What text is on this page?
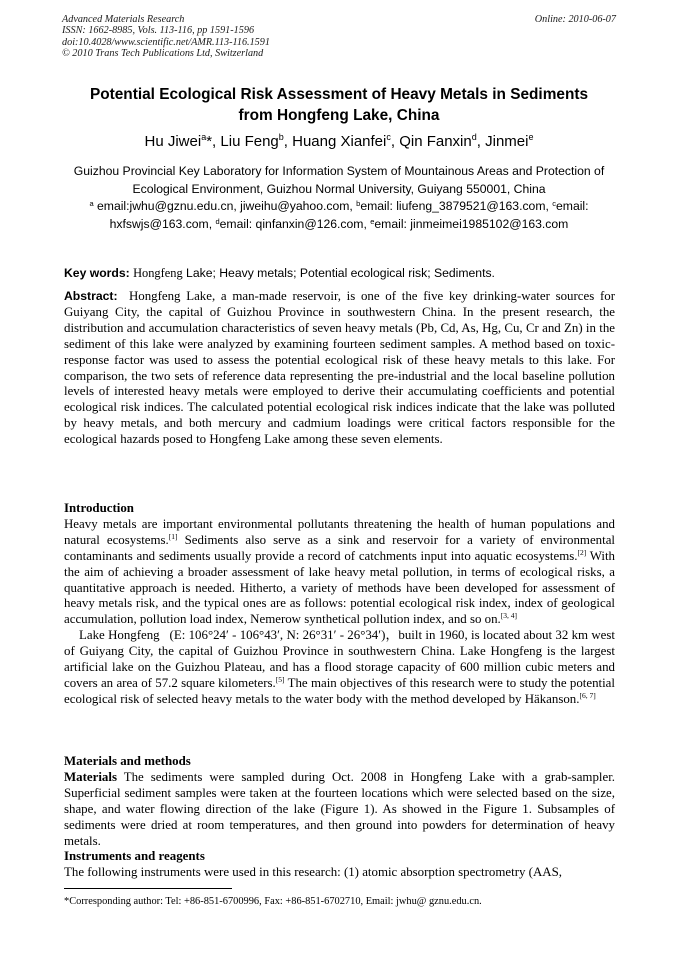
Advanced Materials Research
ISSN: 1662-8985, Vols. 113-116, pp 1591-1596
doi:10.4028/www.scientific.net/AMR.113-116.1591
© 2010 Trans Tech Publications Ltd, Switzerland
Online: 2010-06-07
Potential Ecological Risk Assessment of Heavy Metals in Sediments
from Hongfeng Lake, China
Hu Jiwei$^a$*, Liu Feng$^b$, Huang Xianfei$^c$, Qin Fanxin$^d$, Jinmei$^e$
Guizhou Provincial Key Laboratory for Information System of Mountainous Areas and Protection of
Ecological Environment, Guizhou Normal University, Guiyang 550001, China
$^a$ email:jwhu@gznu.edu.cn, jiweihu@yahoo.com, $^b$email: liufeng_3879521@163.com, $^c$email:
hxfswjs@163.com, $^d$email: qinfanxin@126.com, $^e$email: jinmeimei1985102@163.com
Key words: Hongfeng Lake; Heavy metals; Potential ecological risk; Sediments.

Abstract: Hongfeng Lake, a man-made reservoir, is one of the five key drinking-water sources for Guiyang City, the capital of Guizhou Province in southwestern China. In the present research, the distribution and accumulation characteristics of seven heavy metals (Pb, Cd, As, Hg, Cu, Cr and Zn) in the sediment of this lake were analyzed by examining fourteen sediment samples. A method based on toxic-response factor was used to assess the potential ecological risk of these heavy metals to this lake. For comparison, the two sets of reference data representing the pre-industrial and the local baseline pollution levels of interested heavy metals were employed to derive their accumulating coefficients and potential ecological risk indices. The calculated potential ecological risk indices indicate that the lake was polluted by heavy metals, and both mercury and cadmium loadings were critical factors responsible for the ecological hazards posed to Hongfeng Lake among these seven elements.

Introduction

Heavy metals are important environmental pollutants threatening the health of human populations and natural ecosystems.[1] Sediments also serve as a sink and reservoir for a variety of environmental contaminants and sediments usually provide a record of catchments input into aquatic ecosystems.[2] With the aim of achieving a broader assessment of lake heavy metal pollution, in terms of ecological risks, a quantitative approach is needed. Hitherto, a variety of methods have been developed for assessment of heavy metals risk, and the typical ones are as follows: potential ecological risk index, index of geological accumulation, pollution load index, Nemerow synthetical pollution index, and so on.[3, 4]

Lake Hongfeng   (E: 106°24′ - 106°43′, N: 26°31′ - 26°34′)，built in 1960, is located about 32 km west of Guiyang City, the capital of Guizhou Province in southwestern China. Lake Hongfeng is the largest artificial lake on the Guizhou Plateau, and has a flood storage capacity of 600 million cubic meters and covers an area of 57.2 square kilometers.[5] The main objectives of this research were to study the potential ecological risk of selected heavy metals to the water body with the method developed by Häkanson.[6, 7]

Materials and methods

Materials The sediments were sampled during Oct. 2008 in Hongfeng Lake with a grab-sampler. Superficial sediment samples were taken at the fourteen locations which were selected based on the size, shape, and water flowing direction of the lake (Figure 1). As showed in the Figure 1. Subsamples of sediments were dried at room temperatures, and then ground into powders for determination of heavy metals.

Instruments and reagents

The following instruments were used in this research: (1) atomic absorption spectrometry (AAS,

*Corresponding author: Tel: +86-851-6700996, Fax: +86-851-6702710, Email: jwhu@ gznu.edu.cn.
